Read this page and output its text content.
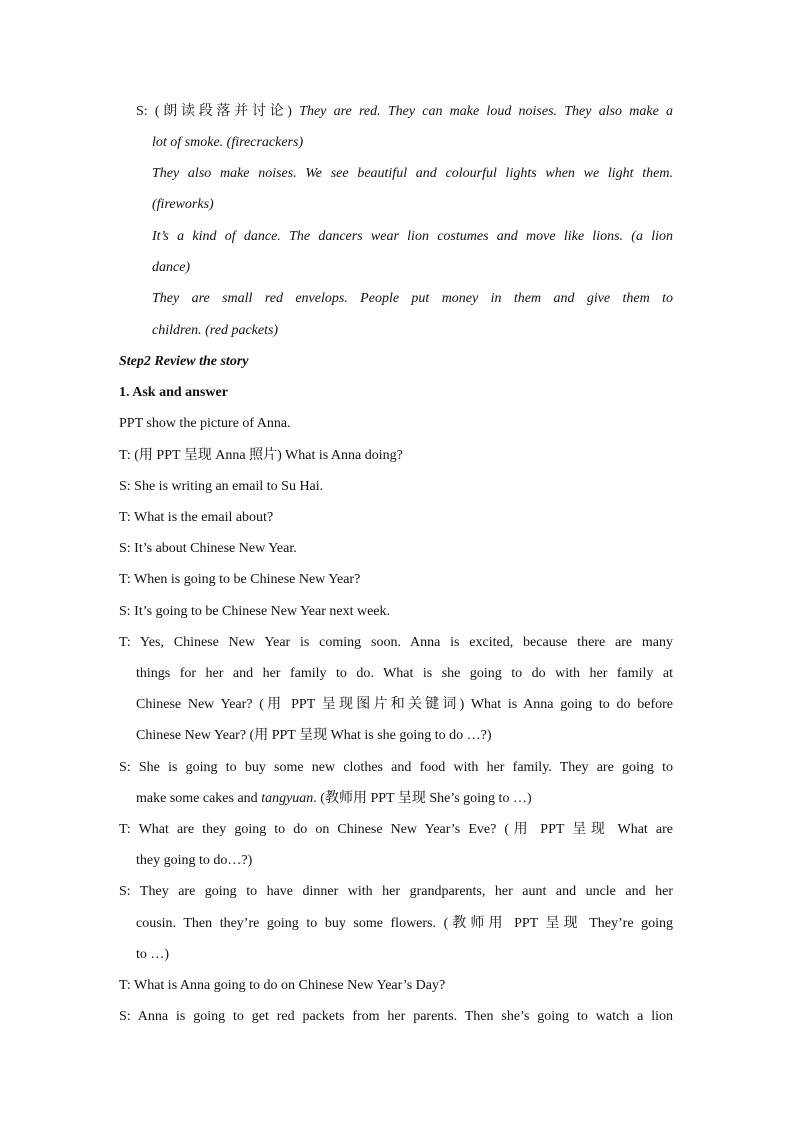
S: (朗读段落并讨论) They are red. They can make loud noises. They also make a
lot of smoke. (firecrackers)
They also make noises. We see beautiful and colourful lights when we light them.
(fireworks)
It’s a kind of dance. The dancers wear lion costumes and move like lions. (a lion
dance)
They are small red envelops. People put money in them and give them to
children. (red packets)
Step2 Review the story
1. Ask and answer
PPT show the picture of Anna.
T: (用 PPT 呈现 Anna 照片) What is Anna doing?
S: She is writing an email to Su Hai.
T: What is the email about?
S: It’s about Chinese New Year.
T: When is going to be Chinese New Year?
S: It’s going to be Chinese New Year next week.
T: Yes, Chinese New Year is coming soon. Anna is excited, because there are many
things for her and her family to do. What is she going to do with her family at
Chinese New Year? (用 PPT 呈现图片和关键词) What is Anna going to do before
Chinese New Year? (用 PPT 呈现 What is she going to do …?)
S: She is going to buy some new clothes and food with her family. They are going to
make some cakes and tangyuan. (教师用 PPT 呈现 She’s going to …)
T: What are they going to do on Chinese New Year’s Eve? (用 PPT 呈现 What are
they going to do…?)
S: They are going to have dinner with her grandparents, her aunt and uncle and her
cousin. Then they’re going to buy some flowers. (教师用 PPT 呈现 They’re going
to …)
T: What is Anna going to do on Chinese New Year’s Day?
S: Anna is going to get red packets from her parents. Then she’s going to watch a lion
